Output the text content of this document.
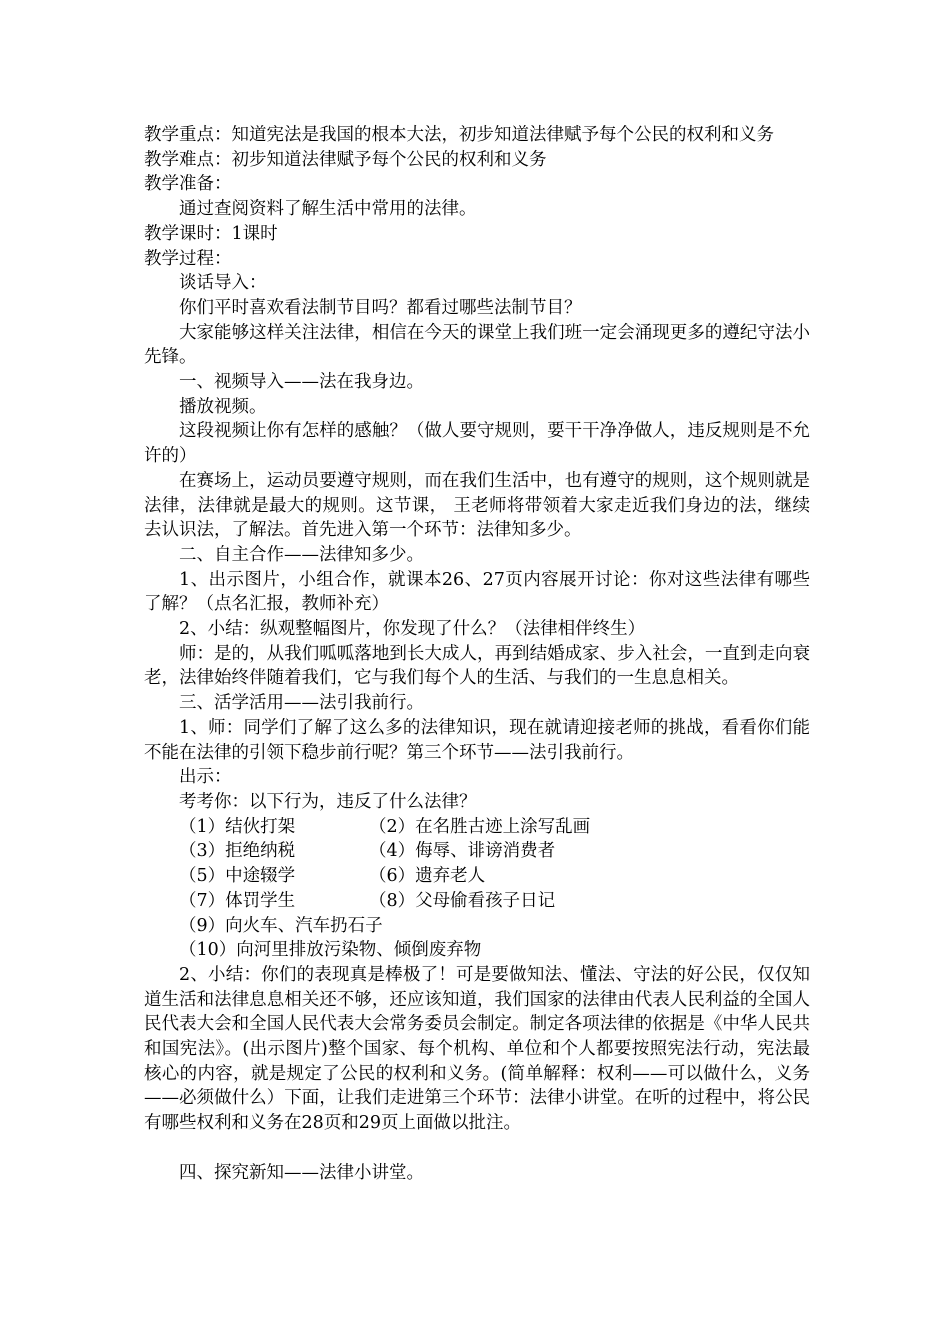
教学重点：知道宪法是我国的根本大法，初步知道法律赋予每个公民的权利和义务

教学难点：初步知道法律赋予每个公民的权利和义务

教学准备：

通过查阅资料了解生活中常用的法律。

教学课时：1课时

教学过程：

谈话导入：

你们平时喜欢看法制节目吗？都看过哪些法制节目？

大家能够这样关注法律，相信在今天的课堂上我们班一定会涌现更多的遵纪守法小先锋。

一、视频导入——法在我身边。

播放视频。

这段视频让你有怎样的感触？（做人要守规则，要干干净净做人，违反规则是不允许的）

在赛场上，运动员要遵守规则，而在我们生活中，也有遵守的规则，这个规则就是法律，法律就是最大的规则。这节课， 王老师将带领着大家走近我们身边的法，继续去认识法，了解法。首先进入第一个环节：法律知多少。

二、自主合作——法律知多少。

1、出示图片，小组合作，就课本26、27页内容展开讨论：你对这些法律有哪些了解？（点名汇报，教师补充）

2、小结：纵观整幅图片，你发现了什么？（法律相伴终生）

师：是的，从我们呱呱落地到长大成人，再到结婚成家、步入社会，一直到走向衰老，法律始终伴随着我们，它与我们每个人的生活、与我们的一生息息相关。

三、活学活用——法引我前行。

1、师：同学们了解了这么多的法律知识，现在就请迎接老师的挑战，看看你们能不能在法律的引领下稳步前行呢？第三个环节——法引我前行。

出示：

考考你：以下行为，违反了什么法律？

（1）结伙打架	（2）在名胜古迹上涂写乱画
（3）拒绝纳税	（4）侮辱、诽谤消费者
（5）中途辍学	（6）遗弃老人
（7）体罚学生	（8）父母偷看孩子日记

（9）向火车、汽车扔石子

（10）向河里排放污染物、倾倒废弃物

2、小结：你们的表现真是棒极了！可是要做知法、懂法、守法的好公民，仅仅知道生活和法律息息相关还不够，还应该知道，我们国家的法律由代表人民利益的全国人民代表大会和全国人民代表大会常务委员会制定。制定各项法律的依据是《中华人民共和国宪法》。(出示图片)整个国家、每个机构、单位和个人都要按照宪法行动，宪法最核心的内容，就是规定了公民的权利和义务。(简单解释：权利——可以做什么，义务——必须做什么）下面，让我们走进第三个环节：法律小讲堂。在听的过程中，将公民有哪些权利和义务在28页和29页上面做以批注。

四、探究新知——法律小讲堂。
